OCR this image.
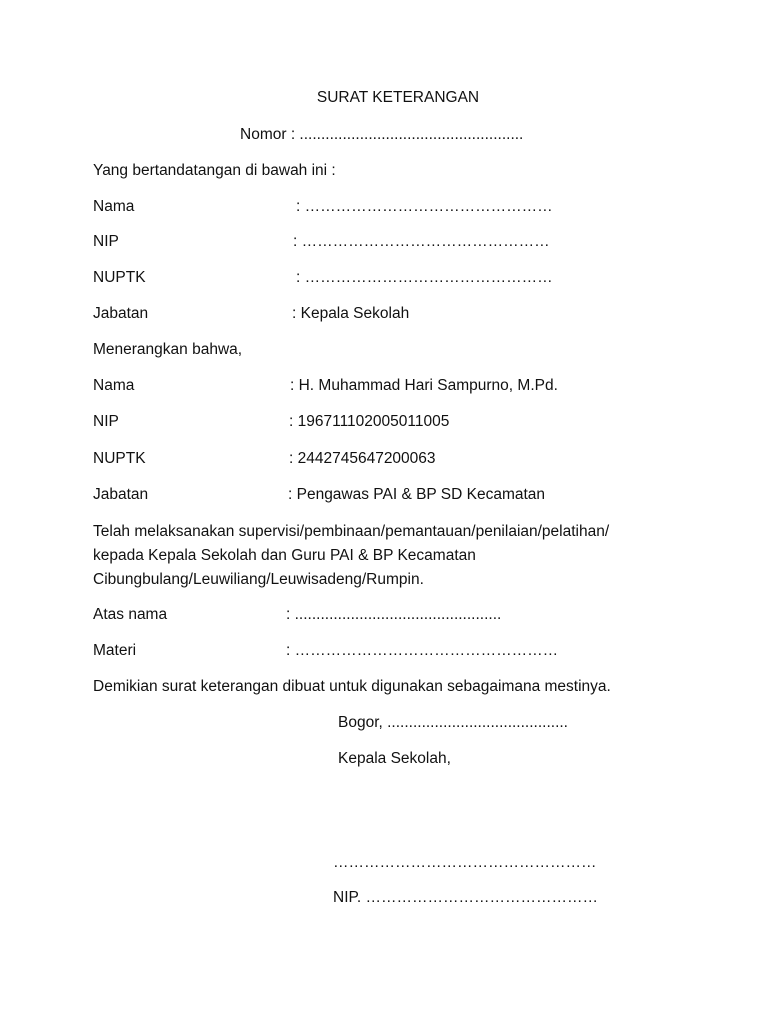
SURAT KETERANGAN
Nomor : ....................................................
Yang bertandatangan di bawah ini :
Nama	: …………………………………………
NIP	: …………………………………………
NUPTK	: …………………………………………
Jabatan	: Kepala Sekolah
Menerangkan bahwa,
Nama	: H. Muhammad Hari Sampurno, M.Pd.
NIP	: 196711102005011005
NUPTK	: 2442745647200063
Jabatan	: Pengawas PAI & BP SD Kecamatan
Telah melaksanakan supervisi/pembinaan/pemantauan/penilaian/pelatihan/
kepada Kepala Sekolah dan Guru PAI & BP Kecamatan
Cibungbulang/Leuwiliang/Leuwisadeng/Rumpin.
Atas nama	: ................................................
Materi	: ……………………………………………
Demikian surat keterangan dibuat untuk digunakan sebagaimana mestinya.
Bogor, ..........................................
Kepala Sekolah,
……………………………………………
NIP. ………………………………………
